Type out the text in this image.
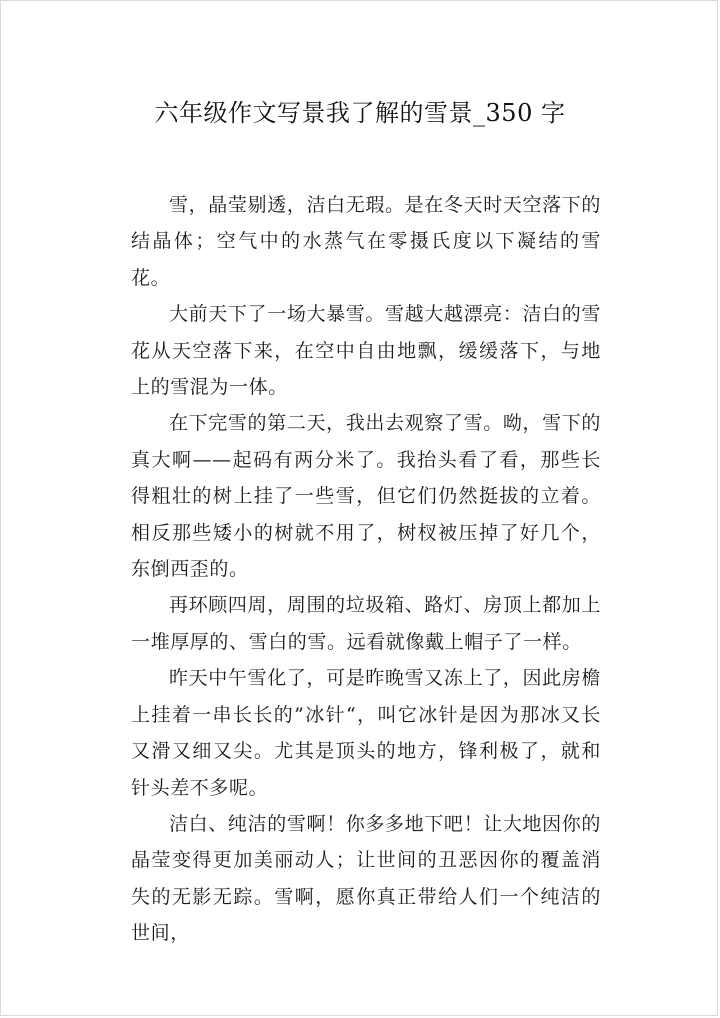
六年级作文写景我了解的雪景_350 字

雪，晶莹剔透，洁白无瑕。是在冬天时天空落下的结晶体；空气中的水蒸气在零摄氏度以下凝结的雪花。

大前天下了一场大暴雪。雪越大越漂亮：洁白的雪花从天空落下来，在空中自由地飘，缓缓落下，与地上的雪混为一体。

在下完雪的第二天，我出去观察了雪。呦，雪下的真大啊——起码有两分米了。我抬头看了看，那些长得粗壮的树上挂了一些雪，但它们仍然挺拔的立着。相反那些矮小的树就不用了，树杈被压掉了好几个，东倒西歪的。

再环顾四周，周围的垃圾箱、路灯、房顶上都加上一堆厚厚的、雪白的雪。远看就像戴上帽子了一样。

昨天中午雪化了，可是昨晚雪又冻上了，因此房檐上挂着一串长长的”冰针“，叫它冰针是因为那冰又长又滑又细又尖。尤其是顶头的地方，锋利极了，就和针头差不多呢。

洁白、纯洁的雪啊！你多多地下吧！让大地因你的晶莹变得更加美丽动人；让世间的丑恶因你的覆盖消失的无影无踪。雪啊，愿你真正带给人们一个纯洁的世间，
